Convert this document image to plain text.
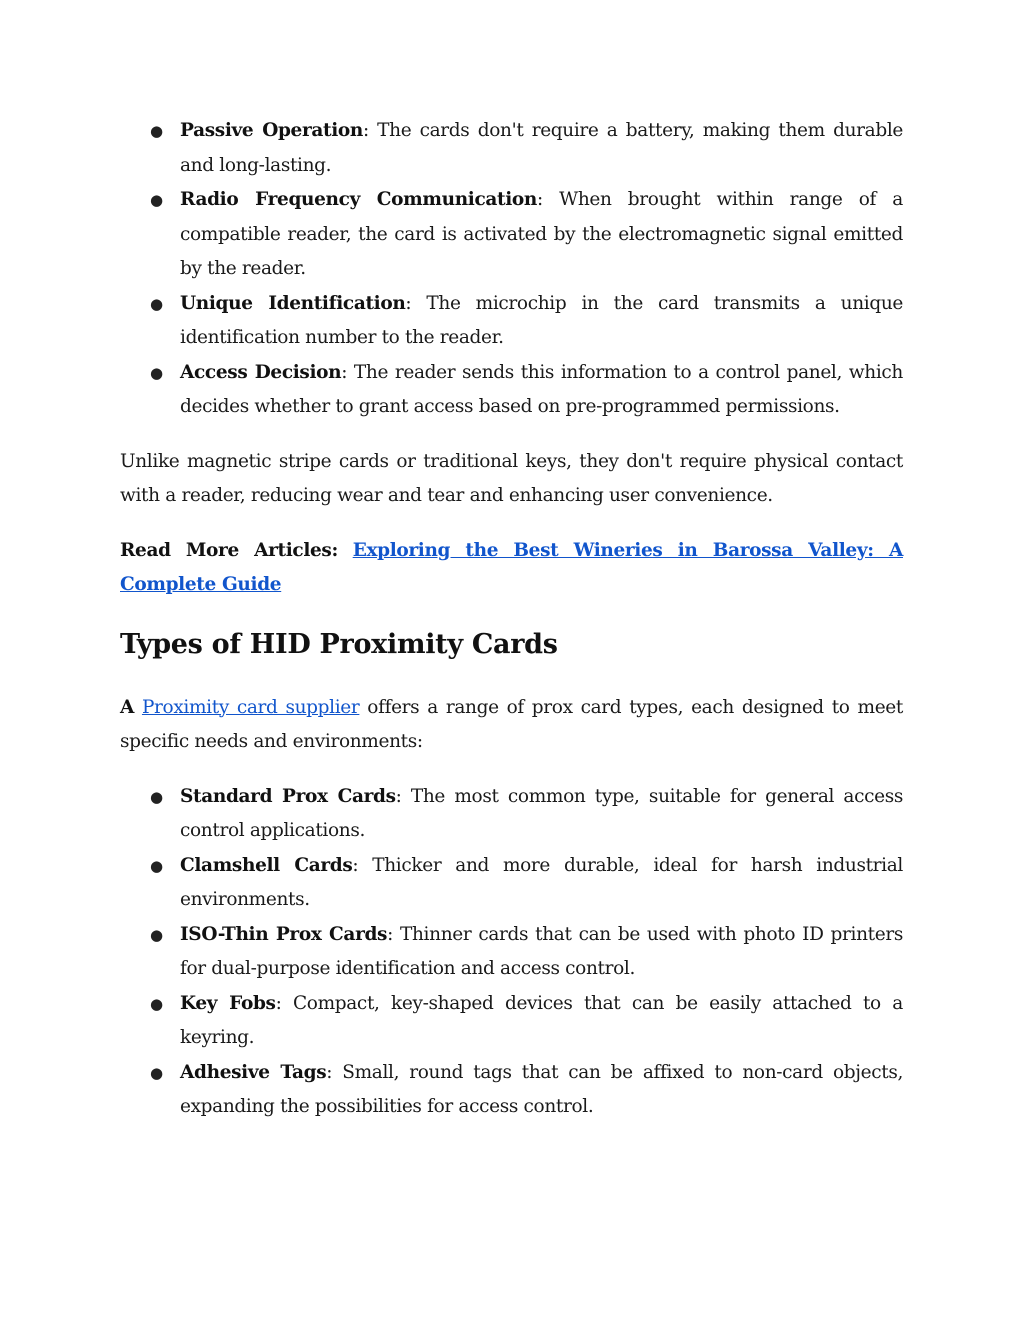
● Passive Operation: The cards don't require a battery, making them durable and long-lasting.
● Radio Frequency Communication: When brought within range of a compatible reader, the card is activated by the electromagnetic signal emitted by the reader.
● Unique Identification: The microchip in the card transmits a unique identification number to the reader.
● Access Decision: The reader sends this information to a control panel, which decides whether to grant access based on pre-programmed permissions.

Unlike magnetic stripe cards or traditional keys, they don't require physical contact with a reader, reducing wear and tear and enhancing user convenience.

Read More Articles: Exploring the Best Wineries in Barossa Valley: A Complete Guide

Types of HID Proximity Cards

A Proximity card supplier offers a range of prox card types, each designed to meet specific needs and environments:

● Standard Prox Cards: The most common type, suitable for general access control applications.
● Clamshell Cards: Thicker and more durable, ideal for harsh industrial environments.
● ISO-Thin Prox Cards: Thinner cards that can be used with photo ID printers for dual-purpose identification and access control.
● Key Fobs: Compact, key-shaped devices that can be easily attached to a keyring.
● Adhesive Tags: Small, round tags that can be affixed to non-card objects, expanding the possibilities for access control.
